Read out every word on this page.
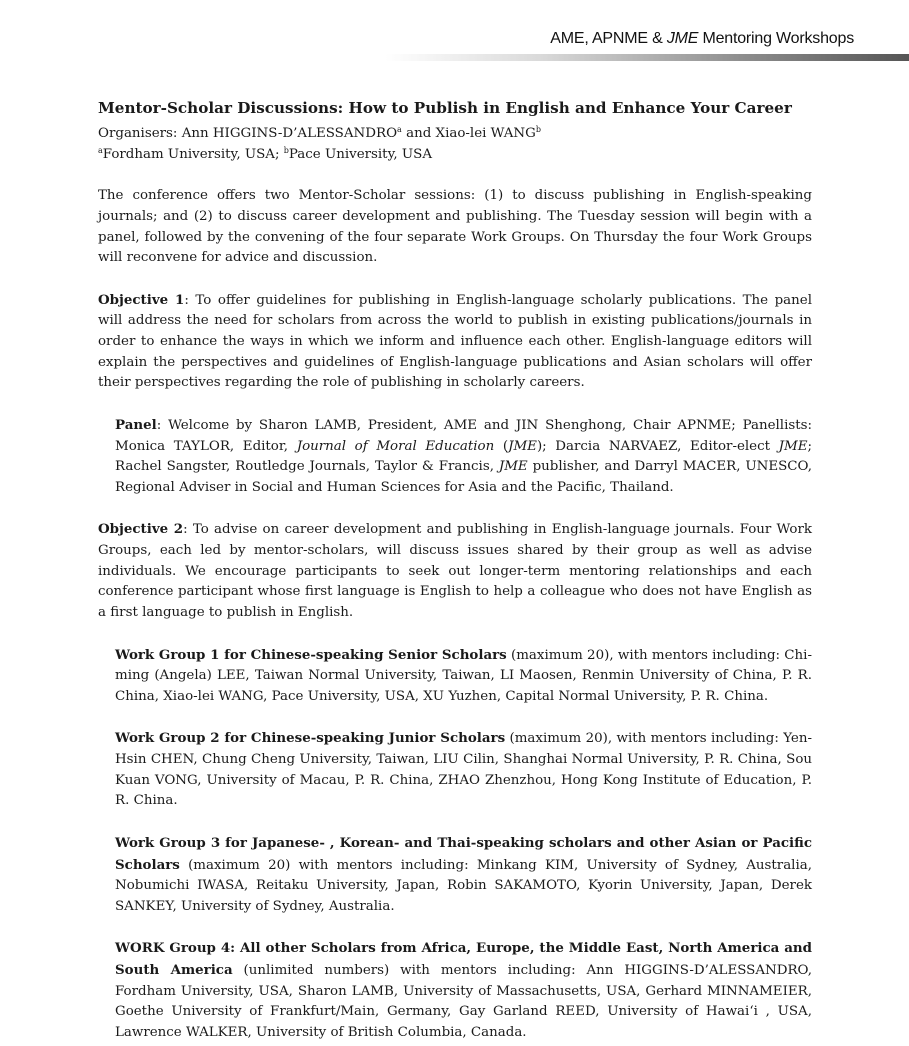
AME, APNME & JME Mentoring Workshops

Mentor-Scholar Discussions: How to Publish in English and Enhance Your Career

Organisers: Ann HIGGINS-D’ALESSANDRO$^a$ and Xiao-lei WANG$^b$

$^a$Fordham University, USA; $^b$Pace University, USA

The conference offers two Mentor-Scholar sessions: (1) to discuss publishing in English-speaking journals; and (2) to discuss career development and publishing. The Tuesday session will begin with a panel, followed by the convening of the four separate Work Groups. On Thursday the four Work Groups will reconvene for advice and discussion.

Objective 1: To offer guidelines for publishing in English-language scholarly publications. The panel will address the need for scholars from across the world to publish in existing publications/journals in order to enhance the ways in which we inform and influence each other. English-language editors will explain the perspectives and guidelines of English-language publications and Asian scholars will offer their perspectives regarding the role of publishing in scholarly careers.

Panel: Welcome by Sharon LAMB, President, AME and JIN Shenghong, Chair APNME; Panellists: Monica TAYLOR, Editor, Journal of Moral Education (JME); Darcia NARVAEZ, Editor-elect JME; Rachel Sangster, Routledge Journals, Taylor & Francis, JME publisher, and Darryl MACER, UNESCO, Regional Adviser in Social and Human Sciences for Asia and the Pacific, Thailand.

Objective 2: To advise on career development and publishing in English-language journals. Four Work Groups, each led by mentor-scholars, will discuss issues shared by their group as well as advise individuals. We encourage participants to seek out longer-term mentoring relationships and each conference participant whose first language is English to help a colleague who does not have English as a first language to publish in English.

Work Group 1 for Chinese-speaking Senior Scholars (maximum 20), with mentors including: Chi-ming (Angela) LEE, Taiwan Normal University, Taiwan, LI Maosen, Renmin University of China, P. R. China, Xiao-lei WANG, Pace University, USA, XU Yuzhen, Capital Normal University, P. R. China.

Work Group 2 for Chinese-speaking Junior Scholars (maximum 20), with mentors including: Yen-Hsin CHEN, Chung Cheng University, Taiwan, LIU Cilin, Shanghai Normal University, P. R. China, Sou Kuan VONG, University of Macau, P. R. China, ZHAO Zhenzhou, Hong Kong Institute of Education, P. R. China.

Work Group 3 for Japanese- , Korean- and Thai-speaking scholars and other Asian or Pacific Scholars (maximum 20) with mentors including: Minkang KIM, University of Sydney, Australia, Nobumichi IWASA, Reitaku University, Japan, Robin SAKAMOTO, Kyorin University, Japan, Derek SANKEY, University of Sydney, Australia.

WORK Group 4: All other Scholars from Africa, Europe, the Middle East, North America and South America (unlimited numbers) with mentors including: Ann HIGGINS-D’ALESSANDRO, Fordham University, USA, Sharon LAMB, University of Massachusetts, USA, Gerhard MINNAMEIER, Goethe University of Frankfurt/Main, Germany, Gay Garland REED, University of Hawai‘i , USA, Lawrence WALKER, University of British Columbia, Canada.
